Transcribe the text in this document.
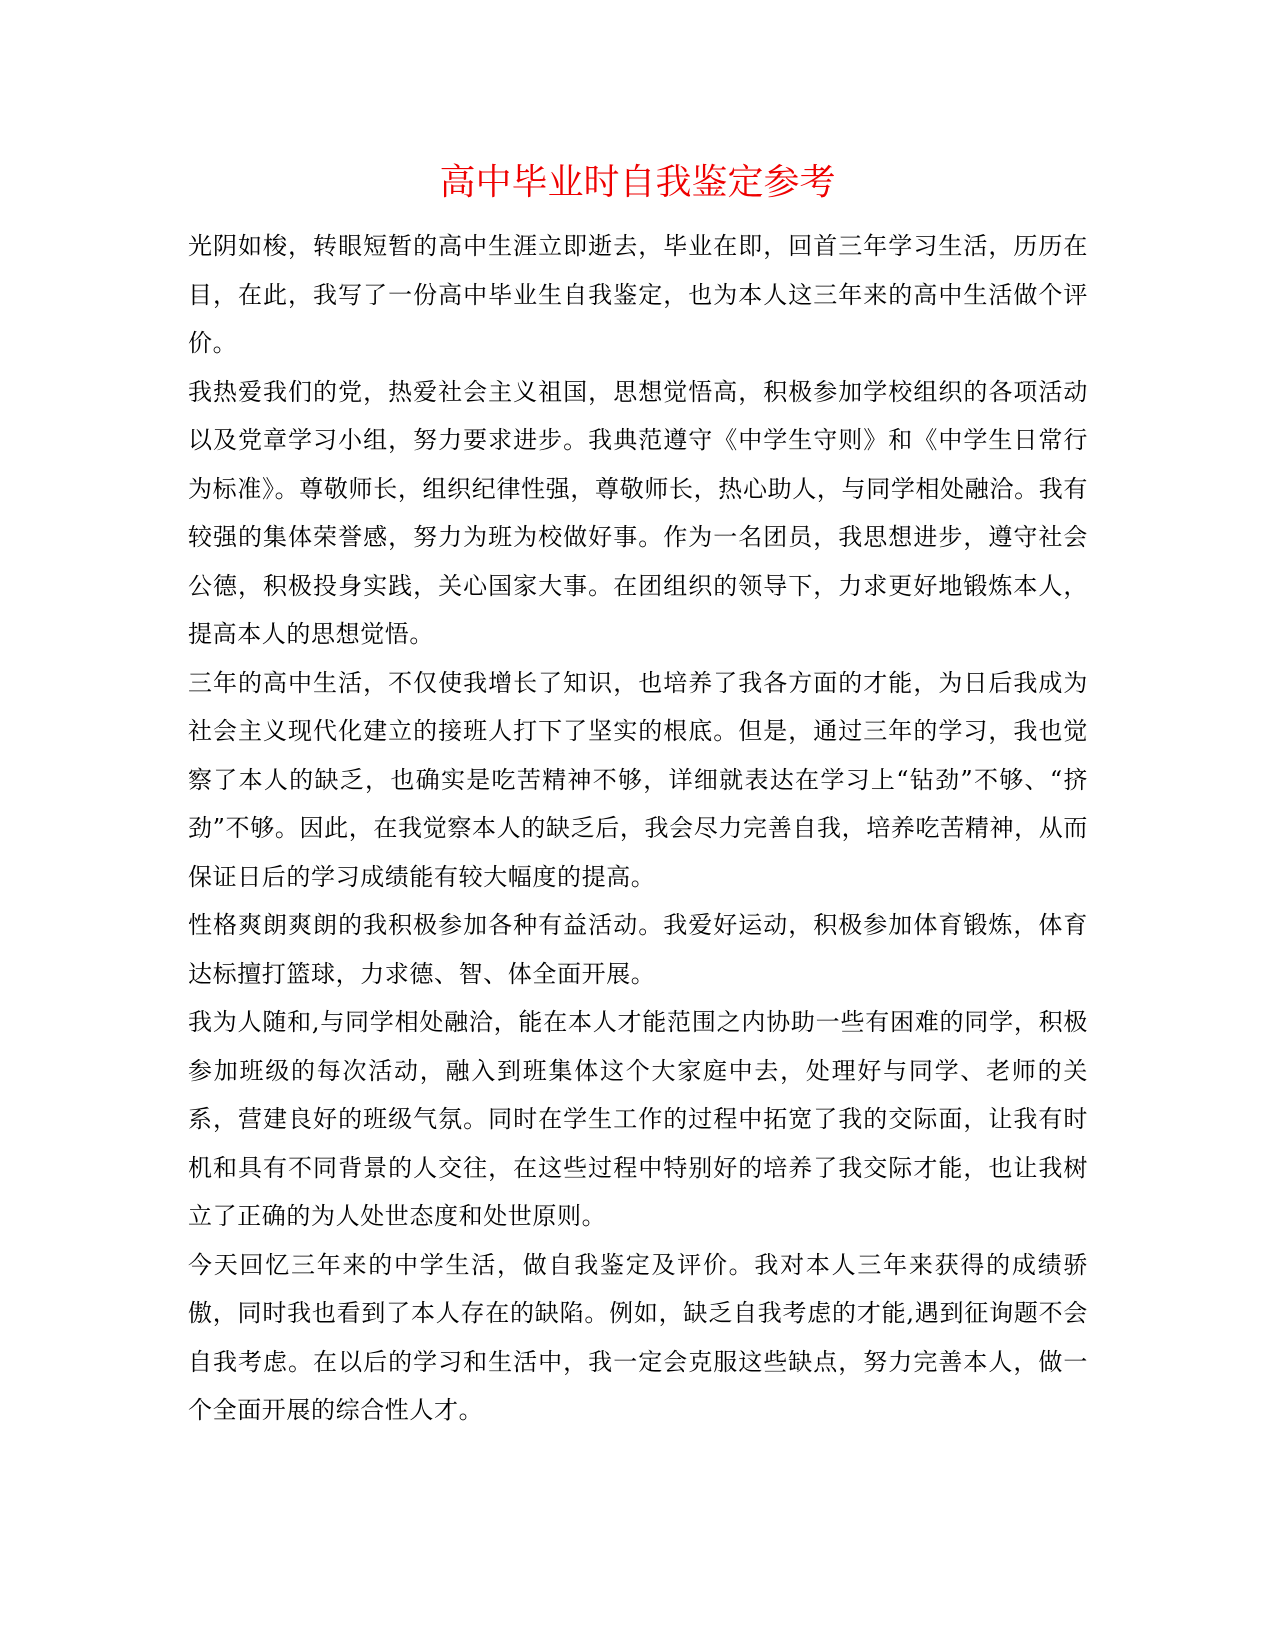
高中毕业时自我鉴定参考

光阴如梭，转眼短暂的高中生涯立即逝去，毕业在即，回首三年学习生活，历历在目，在此，我写了一份高中毕业生自我鉴定，也为本人这三年来的高中生活做个评价。

我热爱我们的党，热爱社会主义祖国，思想觉悟高，积极参加学校组织的各项活动以及党章学习小组，努力要求进步。我典范遵守《中学生守则》和《中学生日常行为标准》。尊敬师长，组织纪律性强，尊敬师长，热心助人，与同学相处融洽。我有较强的集体荣誉感，努力为班为校做好事。作为一名团员，我思想进步，遵守社会公德，积极投身实践，关心国家大事。在团组织的领导下，力求更好地锻炼本人，提高本人的思想觉悟。

三年的高中生活，不仅使我增长了知识，也培养了我各方面的才能，为日后我成为社会主义现代化建立的接班人打下了坚实的根底。但是，通过三年的学习，我也觉察了本人的缺乏，也确实是吃苦精神不够，详细就表达在学习上“钻劲”不够、“挤劲”不够。因此，在我觉察本人的缺乏后，我会尽力完善自我，培养吃苦精神，从而保证日后的学习成绩能有较大幅度的提高。

性格爽朗爽朗的我积极参加各种有益活动。我爱好运动，积极参加体育锻炼，体育达标擅打篮球，力求德、智、体全面开展。

我为人随和,与同学相处融洽，能在本人才能范围之内协助一些有困难的同学，积极参加班级的每次活动，融入到班集体这个大家庭中去，处理好与同学、老师的关系，营建良好的班级气氛。同时在学生工作的过程中拓宽了我的交际面，让我有时机和具有不同背景的人交往，在这些过程中特别好的培养了我交际才能，也让我树立了正确的为人处世态度和处世原则。

今天回忆三年来的中学生活，做自我鉴定及评价。我对本人三年来获得的成绩骄傲，同时我也看到了本人存在的缺陷。例如，缺乏自我考虑的才能,遇到征询题不会自我考虑。在以后的学习和生活中，我一定会克服这些缺点，努力完善本人，做一个全面开展的综合性人才。
